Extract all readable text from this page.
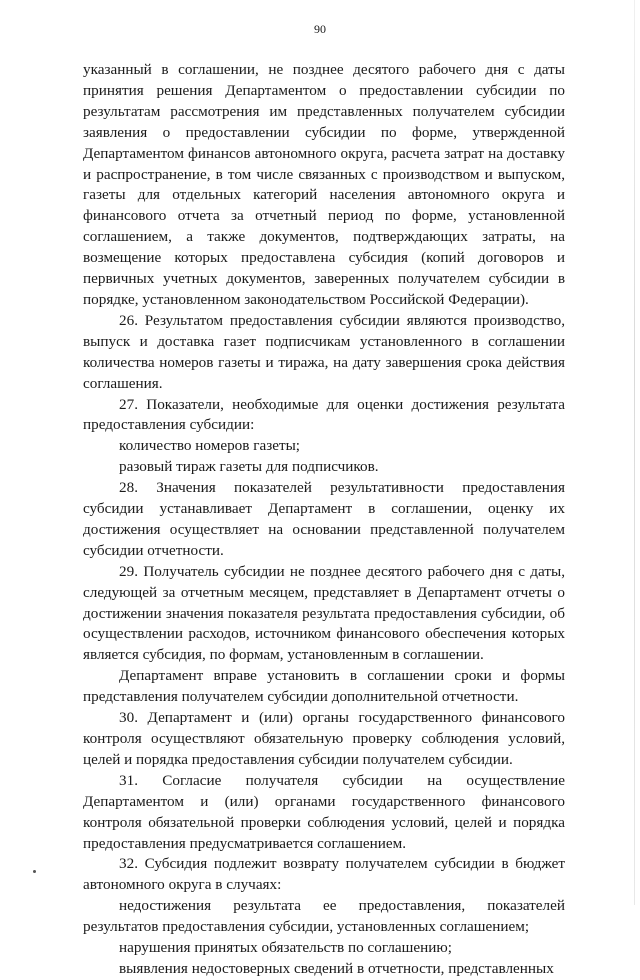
90

указанный в соглашении, не позднее десятого рабочего дня с даты принятия решения Департаментом о предоставлении субсидии по результатам рассмотрения им представленных получателем субсидии заявления о предоставлении субсидии по форме, утвержденной Департаментом финансов автономного округа, расчета затрат на доставку и распространение, в том числе связанных с производством и выпуском, газеты для отдельных категорий населения автономного округа и финансового отчета за отчетный период по форме, установленной соглашением, а также документов, подтверждающих затраты, на возмещение которых предоставлена субсидия (копий договоров и первичных учетных документов, заверенных получателем субсидии в порядке, установленном законодательством Российской Федерации).

26. Результатом предоставления субсидии являются производство, выпуск и доставка газет подписчикам установленного в соглашении количества номеров газеты и тиража, на дату завершения срока действия соглашения.

27. Показатели, необходимые для оценки достижения результата предоставления субсидии:

количество номеров газеты;

разовый тираж газеты для подписчиков.

28. Значения показателей результативности предоставления субсидии устанавливает Департамент в соглашении, оценку их достижения осуществляет на основании представленной получателем субсидии отчетности.

29. Получатель субсидии не позднее десятого рабочего дня с даты, следующей за отчетным месяцем, представляет в Департамент отчеты о достижении значения показателя результата предоставления субсидии, об осуществлении расходов, источником финансового обеспечения которых является субсидия, по формам, установленным в соглашении.

Департамент вправе установить в соглашении сроки и формы представления получателем субсидии дополнительной отчетности.

30. Департамент и (или) органы государственного финансового контроля осуществляют обязательную проверку соблюдения условий, целей и порядка предоставления субсидии получателем субсидии.

31. Согласие получателя субсидии на осуществление Департаментом и (или) органами государственного финансового контроля обязательной проверки соблюдения условий, целей и порядка предоставления предусматривается соглашением.

32. Субсидия подлежит возврату получателем субсидии в бюджет автономного округа в случаях:

недостижения результата ее предоставления, показателей результатов предоставления субсидии, установленных соглашением;

нарушения принятых обязательств по соглашению;

выявления недостоверных сведений в отчетности, представленных
